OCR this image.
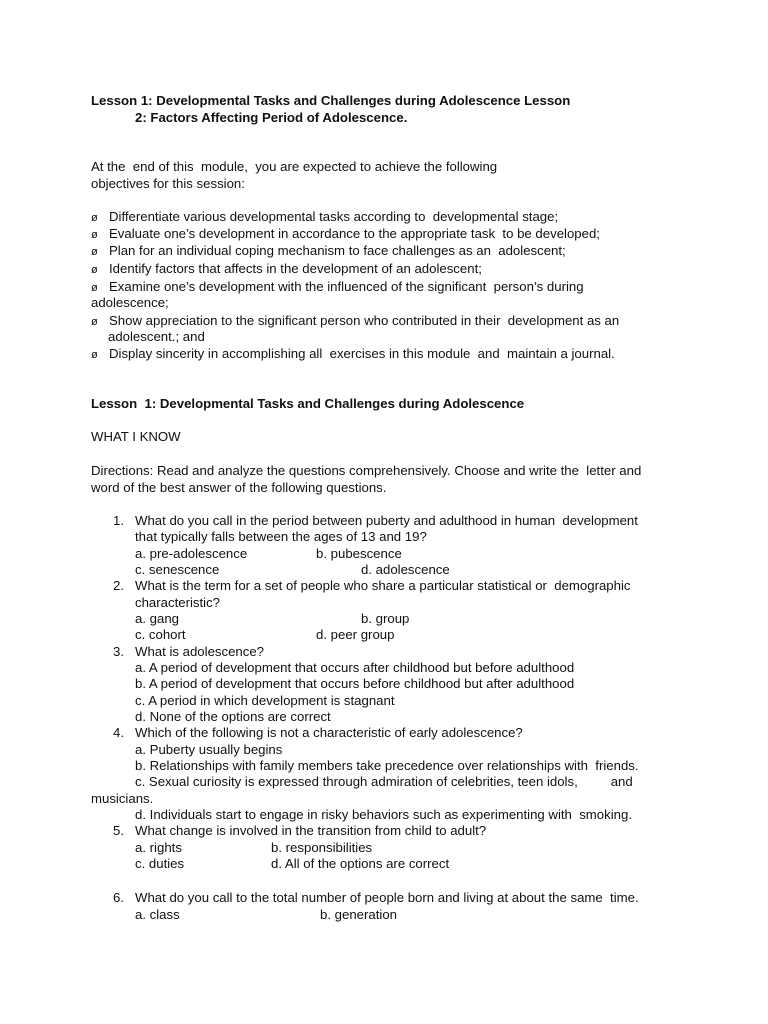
Lesson 1: Developmental Tasks and Challenges during Adolescence Lesson
2: Factors Affecting Period of Adolescence.
At the  end of this  module,  you are expected to achieve the following
objectives for this session:
ø Differentiate various developmental tasks according to  developmental stage;
ø Evaluate one’s development in accordance to the appropriate task  to be developed;
ø Plan for an individual coping mechanism to face challenges as an  adolescent;
ø Identify factors that affects in the development of an adolescent;
ø Examine one’s development with the influenced of the significant  person’s during
adolescence;
ø Show appreciation to the significant person who contributed in their  development as an
adolescent.; and
ø Display sincerity in accomplishing all  exercises in this module  and  maintain a journal.
Lesson  1: Developmental Tasks and Challenges during Adolescence
WHAT I KNOW
Directions: Read and analyze the questions comprehensively. Choose and write the  letter and
word of the best answer of the following questions.
1. What do you call in the period between puberty and adulthood in human  development
that typically falls between the ages of 13 and 19?
a. pre-adolescence	b. pubescence
c. senescence	d. adolescence
2. What is the term for a set of people who share a particular statistical or  demographic
characteristic?
a. gang	b. group
c. cohort	d. peer group
3. What is adolescence?
a. A period of development that occurs after childhood but before adulthood
b. A period of development that occurs before childhood but after adulthood
c. A period in which development is stagnant
d. None of the options are correct
4. Which of the following is not a characteristic of early adolescence?
a. Puberty usually begins
b. Relationships with family members take precedence over relationships with  friends.
c. Sexual curiosity is expressed through admiration of celebrities, teen idols,         and
musicians.
d. Individuals start to engage in risky behaviors such as experimenting with  smoking.
5. What change is involved in the transition from child to adult?
a. rights	b. responsibilities
c. duties	d. All of the options are correct
6. What do you call to the total number of people born and living at about the same  time.
a. class	b. generation
